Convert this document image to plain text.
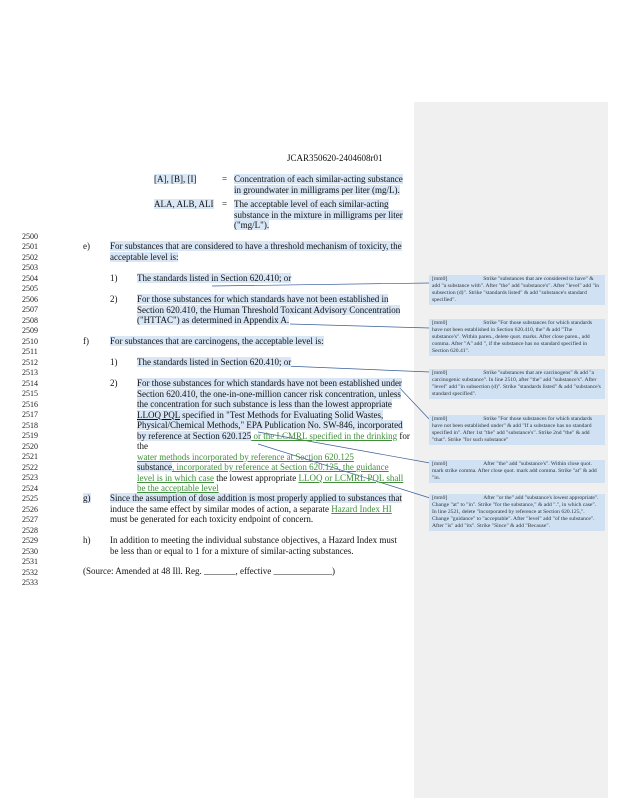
JCAR350620-2404608r01
[A], [B], [I]	= Concentration of each similar-acting substance
in groundwater in milligrams per liter (mg/L).
ALA, ALB, ALI = The acceptable level of each similar-acting
substance in the mixture in milligrams per liter
("mg/L").
2500
2501
2502
2503
2504
2505
2506
2507
2508
2509
2510
2511
2512
2513
2514
2515
2516
2517
2518
2519
2520
2521
2522
2523
2524
2525
2526
2527
2528
2529
2530
2531
2532
2533
e) For substances that are considered to have a threshold mechanism of toxicity, the
acceptable level is:
1) The standards listed in Section 620.410; or
2) For those substances for which standards have not been established in
Section 620.410, the Human Threshold Toxicant Advisory Concentration
("HTTAC") as determined in Appendix A.
f) For substances that are carcinogens, the acceptable level is:
1) The standards listed in Section 620.410; or
2) For those substances for which standards have not been established under
Section 620.410, the one-in-one-million cancer risk concentration, unless
the concentration for such substance is less than the lowest appropriate
LLOQ PQL specified in "Test Methods for Evaluating Solid Wastes,
Physical/Chemical Methods," EPA Publication No. SW-846, incorporated
by reference at Section 620.125 or the LCMRL specified in the drinking for the
water methods incorporated by reference at Section 620.125
substance, incorporated by reference at Section 620.125, the guidance
level is in which case the lowest appropriate LLOQ or LCMRL PQL shall
be the acceptable level
g) Since the assumption of dose addition is most properly applied to substances that
induce the same effect by similar modes of action, a separate Hazard Index HI
must be generated for each toxicity endpoint of concern.
h) In addition to meeting the individual substance objectives, a Hazard Index must
be less than or equal to 1 for a mixture of similar-acting substances.
(Source: Amended at 48 Ill. Reg. _______, effective _____________)
[mm0]	Strike "substances that are considered to have" & add "a substance with". After "the" add "substance's". After "level" add "in subsection (d)". Strike "standards listed" & add "substance's standard specified".
[mm0]	Strike "For those substances for which standards have not been established in Section 620.410, the" & add "The substance's". Within paren., delete quot. marks. After close paren., add comma. After "A" add ", if the substance has no standard specified in Section 620.41".
[mm0]	Strike "substances that are carcinogens" & add "a carcinogenic substance". In line 2510, after "the" add "substance's". After "level" add "in subsection (d)". Strike "standards listed" & add "substance's standard specified".
[mm0]	Strike "For those substances for which standards have not been established under" & add "If a substance has no standard specified in". After 1st "the" add "substance's". Strike 2nd "the" & add "that". Strike "for such substance"
[mm0]	After "the" add "substance's". Within close quot. mark strike comma. After close quot. mark add comma. Strike "at" & add "in.
[mm0]	After "or the" add "substance's lowest appropriate". Change "at" to "in". Strike "for the substance," & add ".", in which case". In line 2521, delete "incorporated by reference at Section 620.125,". Change "guidance" to "acceptable". After "level" add "of the substance". After "is" add "its". Strike "Since" & add "Because".
